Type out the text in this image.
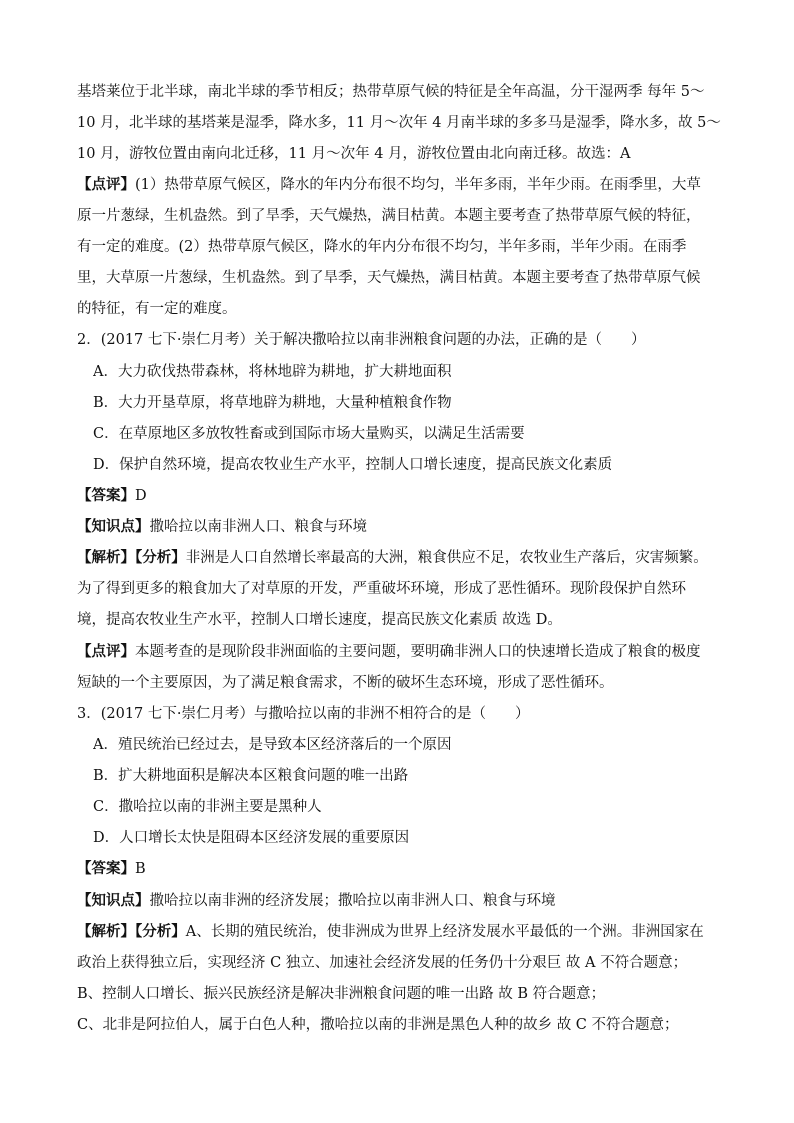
基塔莱位于北半球，南北半球的季节相反；热带草原气候的特征是全年高温，分干湿两季 每年 5～
10 月，北半球的基塔莱是湿季，降水多，11 月～次年 4 月南半球的多多马是湿季，降水多，故 5～
10 月，游牧位置由南向北迁移，11 月～次年 4 月，游牧位置由北向南迁移。故选：A
【点评】(1）热带草原气候区，降水的年内分布很不均匀，半年多雨，半年少雨。在雨季里，大草
原一片葱绿，生机盎然。到了旱季，天气燥热，满目枯黄。本题主要考查了热带草原气候的特征，
有一定的难度。(2）热带草原气候区，降水的年内分布很不均匀，半年多雨，半年少雨。在雨季
里，大草原一片葱绿，生机盎然。到了旱季，天气燥热，满目枯黄。本题主要考查了热带草原气候
的特征，有一定的难度。
2．(2017 七下·崇仁月考）关于解决撒哈拉以南非洲粮食问题的办法，正确的是（　　）
A．大力砍伐热带森林，将林地辟为耕地，扩大耕地面积
B．大力开垦草原，将草地辟为耕地，大量种植粮食作物
C．在草原地区多放牧牲畜或到国际市场大量购买，以满足生活需要
D．保护自然环境，提高农牧业生产水平，控制人口增长速度，提高民族文化素质
【答案】D
【知识点】撒哈拉以南非洲人口、粮食与环境
【解析】【分析】非洲是人口自然增长率最高的大洲，粮食供应不足，农牧业生产落后，灾害频繁。
为了得到更多的粮食加大了对草原的开发，严重破坏环境，形成了恶性循环。现阶段保护自然环
境，提高农牧业生产水平，控制人口增长速度，提高民族文化素质 故选 D。
【点评】本题考查的是现阶段非洲面临的主要问题，要明确非洲人口的快速增长造成了粮食的极度
短缺的一个主要原因，为了满足粮食需求，不断的破坏生态环境，形成了恶性循环。
3．(2017 七下·崇仁月考）与撒哈拉以南的非洲不相符合的是（　　）
A．殖民统治已经过去，是导致本区经济落后的一个原因
B．扩大耕地面积是解决本区粮食问题的唯一出路
C．撒哈拉以南的非洲主要是黑种人
D．人口增长太快是阻碍本区经济发展的重要原因
【答案】B
【知识点】撒哈拉以南非洲的经济发展；撒哈拉以南非洲人口、粮食与环境
【解析】【分析】A、长期的殖民统治，使非洲成为世界上经济发展水平最低的一个洲。非洲国家在
政治上获得独立后，实现经济 C 独立、加速社会经济发展的任务仍十分艰巨 故 A 不符合题意；
B、控制人口增长、振兴民族经济是解决非洲粮食问题的唯一出路 故 B 符合题意；
C、北非是阿拉伯人，属于白色人种，撒哈拉以南的非洲是黑色人种的故乡 故 C 不符合题意；
